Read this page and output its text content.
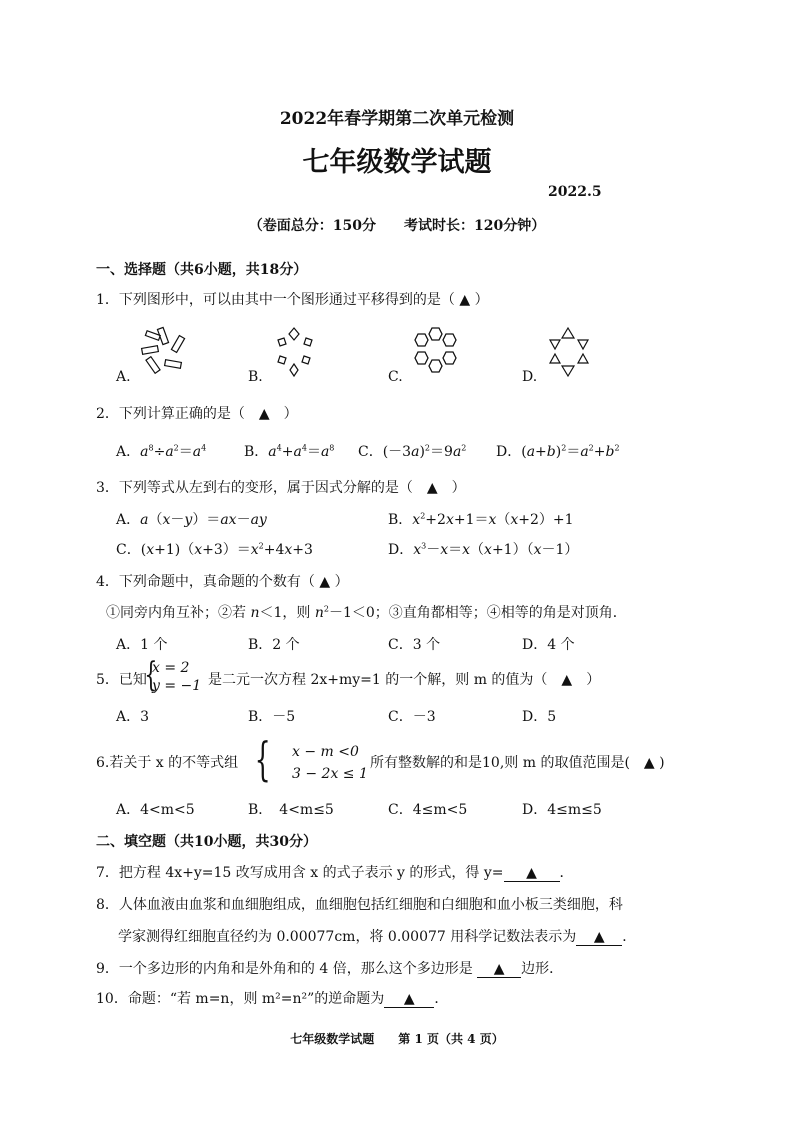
2022年春学期第二次单元检测
七年级数学试题
2022.5
（卷面总分：150分　　考试时长：120分钟）
一、选择题（共6小题，共18分）
1．下列图形中，可以由其中一个图形通过平移得到的是（ ▲ ）
A.	B.	C.	D.
2．下列计算正确的是（　▲　）
A．$a^8\div a^2=a^4$	B．$a^4+a^4=a^8$ C．$(-3a)^2=9a^2$ D．$(a+b)^2=a^2+b^2$
3．下列等式从左到右的变形，属于因式分解的是（　▲　）
A．a（x－y）＝ax－ay	B．$x^2+2x+1=x(x+2)+1$
C．$(x+1)(x+3)=x^2+4x+3$	D．$x^3-x=x(x+1)(x-1)$
4．下列命题中，真命题的个数有（ ▲ ）
①同旁内角互补；②若 n＜1，则 $n^2-1<0$；③直角都相等；④相等的角是对顶角．
A．1 个	B．2 个	C．3 个	D．4 个
5．已知
{
x = 2
y = −1 是二元一次方程 2x+my=1 的一个解，则 m 的值为（　▲　）
A．3	B．－5	C．－3	D．5
6.若关于 x 的不等式组 { x − m <0
3 − 2x ≤ 1
所有整数解的和是10,则 m 的取值范围是(　▲ )
A．4<m<5	B．　4<m≤5	C．4≤m<5	D．4≤m≤5
二、填空题（共10小题，共30分）
7．把方程 4x+y=15 改写成用含 x 的式子表示 y 的形式，得 y= ▲ ．
8．人体血液由血浆和血细胞组成，血细胞包括红细胞和白细胞和血小板三类细胞，科
学家测得红细胞直径约为 0.00077cm，将 0.00077 用科学记数法表示为 ▲ ．
9．一个多边形的内角和是外角和的 4 倍，那么这个多边形是 ▲ 边形．
10．命题：“若 m=n，则 m²=n²”的逆命题为 ▲ ．
七年级数学试题　　第 1 页（共 4 页）
